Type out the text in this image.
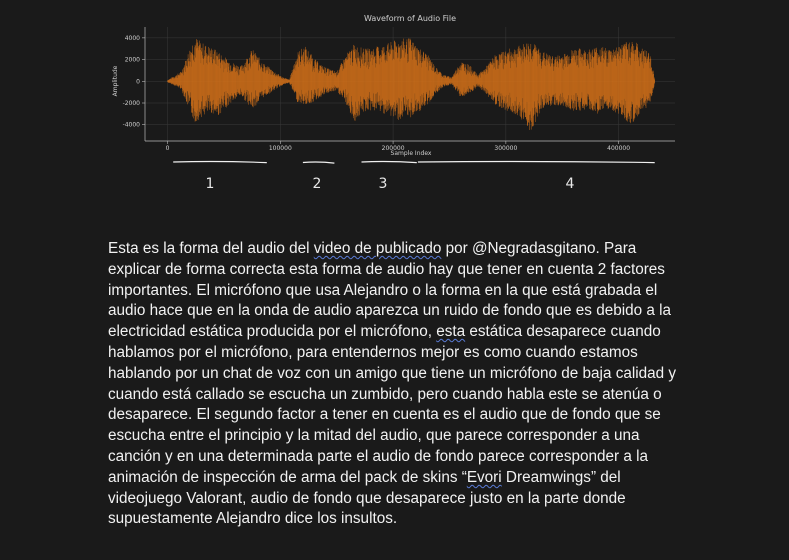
Waveform of Audio File
0	100000	200000	300000	400000
4000
2000
0
-2000
-4000
Sample Index
Amplitude
1	2	3	4

Esta es la forma del audio del video de publicado por @Negradasgitano. Para explicar de forma correcta esta forma de audio hay que tener en cuenta 2 factores importantes. El micrófono que usa Alejandro o la forma en la que está grabada el audio hace que en la onda de audio aparezca un ruido de fondo que es debido a la electricidad estática producida por el micrófono, esta estática desaparece cuando hablamos por el micrófono, para entendernos mejor es como cuando estamos hablando por un chat de voz con un amigo que tiene un micrófono de baja calidad y cuando está callado se escucha un zumbido, pero cuando habla este se atenúa o desaparece. El segundo factor a tener en cuenta es el audio que de fondo que se escucha entre el principio y la mitad del audio, que parece corresponder a una canción y en una determinada parte el audio de fondo parece corresponder a la animación de inspección de arma del pack de skins “Evori Dreamwings” del videojuego Valorant, audio de fondo que desaparece justo en la parte donde supuestamente Alejandro dice los insultos.
